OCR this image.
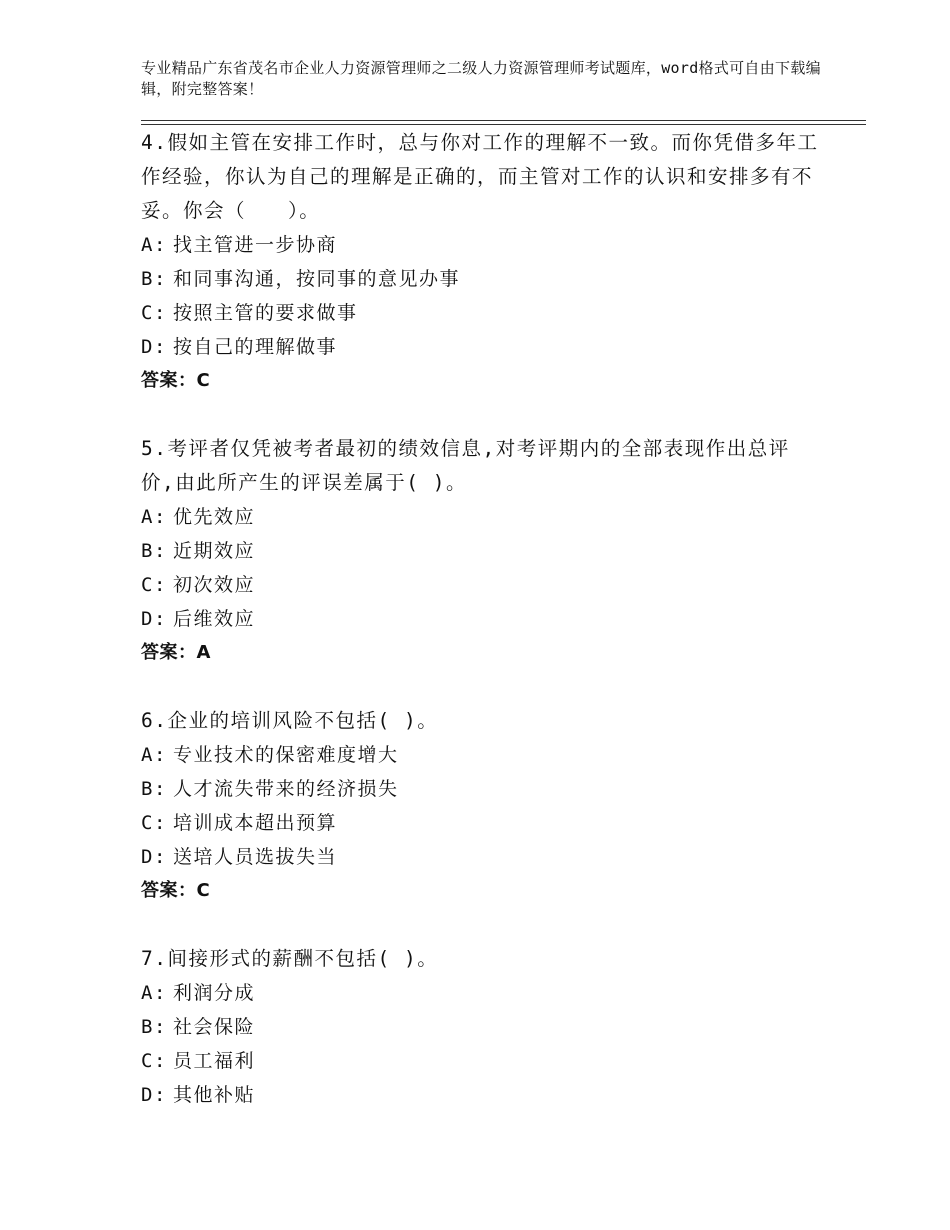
专业精品广东省茂名市企业人力资源管理师之二级人力资源管理师考试题库，word格式可自由下载编辑，附完整答案！
4.假如主管在安排工作时，总与你对工作的理解不一致。而你凭借多年工作经验，你认为自己的理解是正确的，而主管对工作的认识和安排多有不妥。你会（　　）。
A: 找主管进一步协商
B: 和同事沟通，按同事的意见办事
C: 按照主管的要求做事
D: 按自己的理解做事
答案：C
5.考评者仅凭被考者最初的绩效信息,对考评期内的全部表现作出总评价,由此所产生的评误差属于( )。
A: 优先效应
B: 近期效应
C: 初次效应
D: 后维效应
答案：A
6.企业的培训风险不包括( )。
A: 专业技术的保密难度增大
B: 人才流失带来的经济损失
C: 培训成本超出预算
D: 送培人员选拔失当
答案：C
7.间接形式的薪酬不包括( )。
A: 利润分成
B: 社会保险
C: 员工福利
D: 其他补贴
